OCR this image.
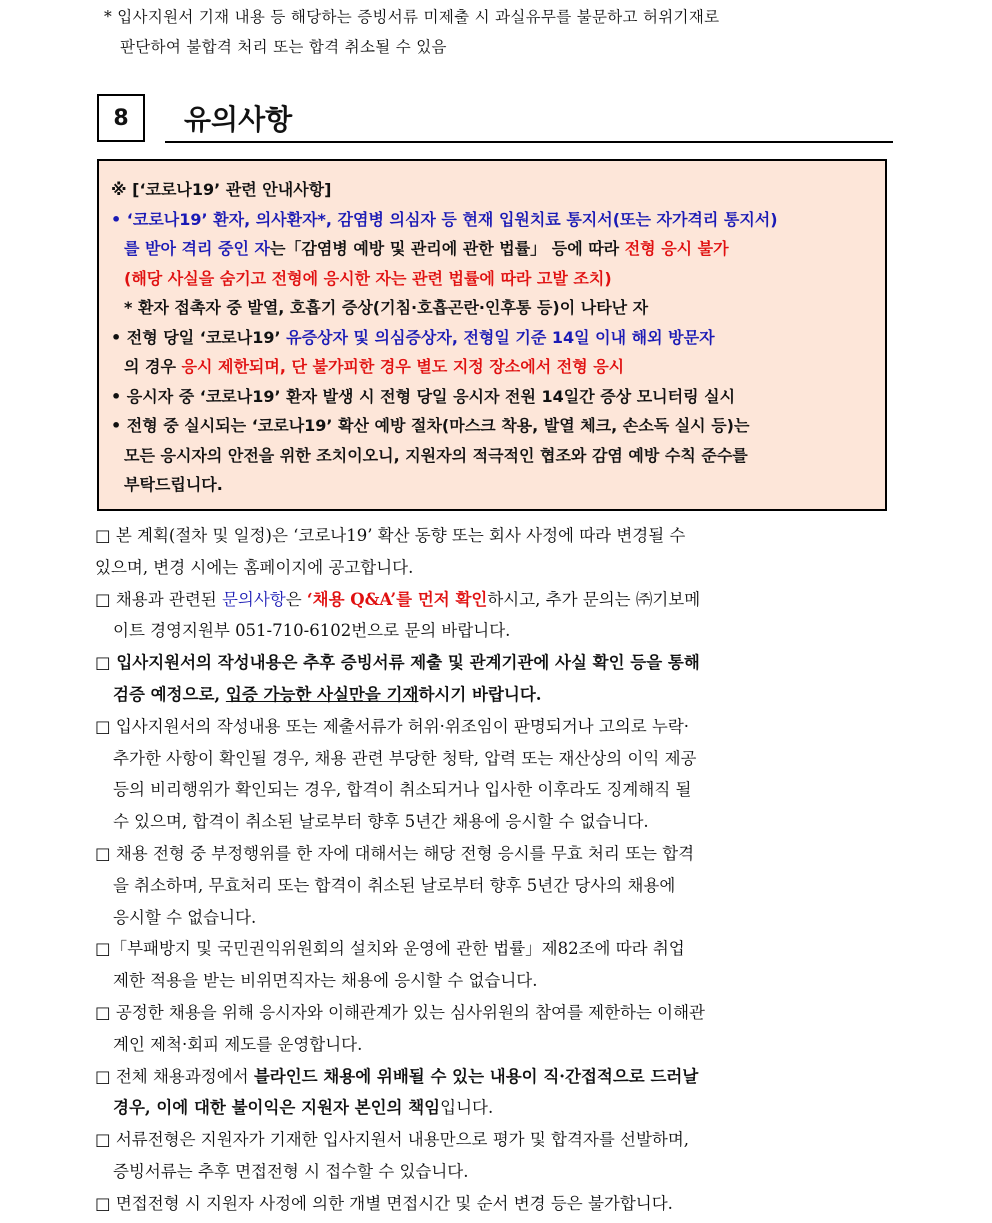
* 입사지원서 기재 내용 등 해당하는 증빙서류 미제출 시 과실유무를 불문하고 허위기재로
판단하여 불합격 처리 또는 합격 취소될 수 있음
8	유의사항
※ [‘코로나19’ 관련 안내사항]
• ‘코로나19’ 환자, 의사환자*, 감염병 의심자 등 현재 입원치료 통지서(또는 자가격리 통지서)
를 받아 격리 중인 자는「감염병 예방 및 관리에 관한 법률」 등에 따라 전형 응시 불가
(해당 사실을 숨기고 전형에 응시한 자는 관련 법률에 따라 고발 조치)
* 환자 접촉자 중 발열, 호흡기 증상(기침·호흡곤란·인후통 등)이 나타난 자
• 전형 당일 ‘코로나19’ 유증상자 및 의심증상자, 전형일 기준 14일 이내 해외 방문자
의 경우 응시 제한되며, 단 불가피한 경우 별도 지정 장소에서 전형 응시
• 응시자 중 ‘코로나19’ 환자 발생 시 전형 당일 응시자 전원 14일간 증상 모니터링 실시
• 전형 중 실시되는 ‘코로나19’ 확산 예방 절차(마스크 착용, 발열 체크, 손소독 실시 등)는
모든 응시자의 안전을 위한 조치이오니, 지원자의 적극적인 협조와 감염 예방 수칙 준수를
부탁드립니다.
□ 본 계획(절차 및 일정)은 ‘코로나19’ 확산 동향 또는 회사 사정에 따라 변경될 수
있으며, 변경 시에는 홈페이지에 공고합니다.
□ 채용과 관련된 문의사항은 ‘채용 Q&A’를 먼저 확인하시고, 추가 문의는 ㈜기보메
이트 경영지원부 051-710-6102번으로 문의 바랍니다.
□ 입사지원서의 작성내용은 추후 증빙서류 제출 및 관계기관에 사실 확인 등을 통해
검증 예정으로, 입증 가능한 사실만을 기재하시기 바랍니다.
□ 입사지원서의 작성내용 또는 제출서류가 허위·위조임이 판명되거나 고의로 누락·
추가한 사항이 확인될 경우, 채용 관련 부당한 청탁, 압력 또는 재산상의 이익 제공
등의 비리행위가 확인되는 경우, 합격이 취소되거나 입사한 이후라도 징계해직 될
수 있으며, 합격이 취소된 날로부터 향후 5년간 채용에 응시할 수 없습니다.
□ 채용 전형 중 부정행위를 한 자에 대해서는 해당 전형 응시를 무효 처리 또는 합격
을 취소하며, 무효처리 또는 합격이 취소된 날로부터 향후 5년간 당사의 채용에
응시할 수 없습니다.
□「부패방지 및 국민권익위원회의 설치와 운영에 관한 법률」제82조에 따라 취업
제한 적용을 받는 비위면직자는 채용에 응시할 수 없습니다.
□ 공정한 채용을 위해 응시자와 이해관계가 있는 심사위원의 참여를 제한하는 이해관
계인 제척·회피 제도를 운영합니다.
□ 전체 채용과정에서 블라인드 채용에 위배될 수 있는 내용이 직·간접적으로 드러날
경우, 이에 대한 불이익은 지원자 본인의 책임입니다.
□ 서류전형은 지원자가 기재한 입사지원서 내용만으로 평가 및 합격자를 선발하며,
증빙서류는 추후 면접전형 시 접수할 수 있습니다.
□ 면접전형 시 지원자 사정에 의한 개별 면접시간 및 순서 변경 등은 불가합니다.
